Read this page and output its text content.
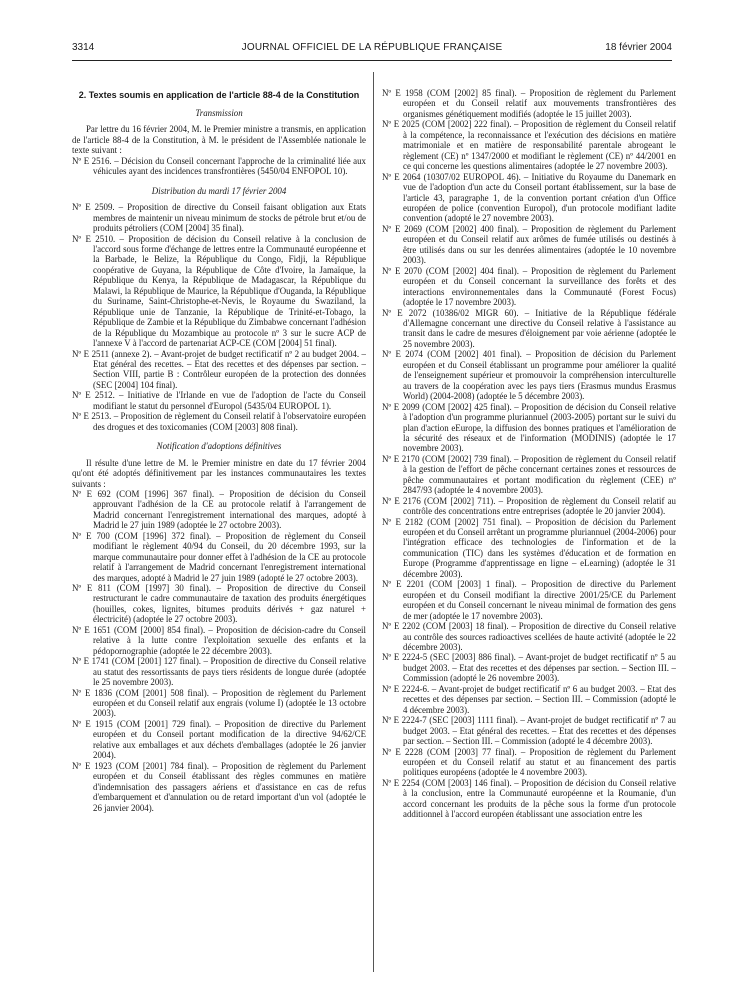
3314	JOURNAL OFFICIEL DE LA RÉPUBLIQUE FRANÇAISE	18 février 2004
2. Textes soumis en application de l'article 88-4 de la Constitution
Transmission

Par lettre du 16 février 2004, M. le Premier ministre a transmis, en application de l'article 88-4 de la Constitution, à M. le président de l'Assemblée nationale le texte suivant :

Nº E 2516. – Décision du Conseil concernant l'approche de la criminalité liée aux véhicules ayant des incidences transfrontières (5450/04 ENFOPOL 10).

Distribution du mardi 17 février 2004

Nº E 2509. – Proposition de directive du Conseil faisant obligation aux Etats membres de maintenir un niveau minimum de stocks de pétrole brut et/ou de produits pétroliers (COM [2004] 35 final).

Nº E 2510. – Proposition de décision du Conseil relative à la conclusion de l'accord sous forme d'échange de lettres entre la Communauté européenne et la Barbade, le Belize, la République du Congo, Fidji, la République coopérative de Guyana, la République de Côte d'Ivoire, la Jamaïque, la République du Kenya, la République de Madagascar, la République du Malawi, la République de Maurice, la République d'Ouganda, la République du Suriname, Saint-Christophe-et-Nevis, le Royaume du Swaziland, la République unie de Tanzanie, la République de Trinité-et-Tobago, la République de Zambie et la République du Zimbabwe concernant l'adhésion de la République du Mozambique au protocole nº 3 sur le sucre ACP de l'annexe V à l'accord de partenariat ACP-CE (COM [2004] 51 final).

Nº E 2511 (annexe 2). – Avant-projet de budget rectificatif nº 2 au budget 2004. – Etat général des recettes. – Etat des recettes et des dépenses par section. – Section VIII, partie B : Contrôleur européen de la protection des données (SEC [2004] 104 final).

Nº E 2512. – Initiative de l'Irlande en vue de l'adoption de l'acte du Conseil modifiant le statut du personnel d'Europol (5435/04 EUROPOL 1).

Nº E 2513. – Proposition de règlement du Conseil relatif à l'observatoire européen des drogues et des toxicomanies (COM [2003] 808 final).

Notification d'adoptions définitives

Il résulte d'une lettre de M. le Premier ministre en date du 17 février 2004 qu'ont été adoptés définitivement par les instances communautaires les textes suivants :

Nº E 692 (COM [1996] 367 final). – Proposition de décision du Conseil approuvant l'adhésion de la CE au protocole relatif à l'arrangement de Madrid concernant l'enregistrement international des marques, adopté à Madrid le 27 juin 1989 (adoptée le 27 octobre 2003).

Nº E 700 (COM [1996] 372 final). – Proposition de règlement du Conseil modifiant le règlement 40/94 du Conseil, du 20 décembre 1993, sur la marque communautaire pour donner effet à l'adhésion de la CE au protocole relatif à l'arrangement de Madrid concernant l'enregistrement international des marques, adopté à Madrid le 27 juin 1989 (adopté le 27 octobre 2003).

Nº E 811 (COM [1997] 30 final). – Proposition de directive du Conseil restructurant le cadre communautaire de taxation des produits énergétiques (houilles, cokes, lignites, bitumes produits dérivés + gaz naturel + électricité) (adoptée le 27 octobre 2003).

Nº E 1651 (COM [2000] 854 final). – Proposition de décision-cadre du Conseil relative à la lutte contre l'exploitation sexuelle des enfants et la pédopornographie (adoptée le 22 décembre 2003).

Nº E 1741 (COM [2001] 127 final). – Proposition de directive du Conseil relative au statut des ressortissants de pays tiers résidents de longue durée (adoptée le 25 novembre 2003).

Nº E 1836 (COM [2001] 508 final). – Proposition de règlement du Parlement européen et du Conseil relatif aux engrais (volume I) (adoptée le 13 octobre 2003).

Nº E 1915 (COM [2001] 729 final). – Proposition de directive du Parlement européen et du Conseil portant modification de la directive 94/62/CE relative aux emballages et aux déchets d'emballages (adoptée le 26 janvier 2004).

Nº E 1923 (COM [2001] 784 final). – Proposition de règlement du Parlement européen et du Conseil établissant des règles communes en matière d'indemnisation des passagers aériens et d'assistance en cas de refus d'embarquement et d'annulation ou de retard important d'un vol (adoptée le 26 janvier 2004).

Nº E 1958 (COM [2002] 85 final). – Proposition de règlement du Parlement européen et du Conseil relatif aux mouvements transfrontières des organismes génétiquement modifiés (adoptée le 15 juillet 2003).

Nº E 2025 (COM [2002] 222 final). – Proposition de règlement du Conseil relatif à la compétence, la reconnaissance et l'exécution des décisions en matière matrimoniale et en matière de responsabilité parentale abrogeant le règlement (CE) nº 1347/2000 et modifiant le règlement (CE) nº 44/2001 en ce qui concerne les questions alimentaires (adoptée le 27 novembre 2003).

Nº E 2064 (10307/02 EUROPOL 46). – Initiative du Royaume du Danemark en vue de l'adoption d'un acte du Conseil portant établissement, sur la base de l'article 43, paragraphe 1, de la convention portant création d'un Office européen de police (convention Europol), d'un protocole modifiant ladite convention (adopté le 27 novembre 2003).

Nº E 2069 (COM [2002] 400 final). – Proposition de règlement du Parlement européen et du Conseil relatif aux arômes de fumée utilisés ou destinés à être utilisés dans ou sur les denrées alimentaires (adoptée le 10 novembre 2003).

Nº E 2070 (COM [2002] 404 final). – Proposition de règlement du Parlement européen et du Conseil concernant la surveillance des forêts et des interactions environnementales dans la Communauté (Forest Focus) (adoptée le 17 novembre 2003).

Nº E 2072 (10386/02 MIGR 60). – Initiative de la République fédérale d'Allemagne concernant une directive du Conseil relative à l'assistance au transit dans le cadre de mesures d'éloignement par voie aérienne (adoptée le 25 novembre 2003).

Nº E 2074 (COM [2002] 401 final). – Proposition de décision du Parlement européen et du Conseil établissant un programme pour améliorer la qualité de l'enseignement supérieur et promouvoir la compréhension interculturelle au travers de la coopération avec les pays tiers (Erasmus mundus Erasmus World) (2004-2008) (adoptée le 5 décembre 2003).

Nº E 2099 (COM [2002] 425 final). – Proposition de décision du Conseil relative à l'adoption d'un programme pluriannuel (2003-2005) portant sur le suivi du plan d'action eEurope, la diffusion des bonnes pratiques et l'amélioration de la sécurité des réseaux et de l'information (MODINIS) (adoptée le 17 novembre 2003).

Nº E 2170 (COM [2002] 739 final). – Proposition de règlement du Conseil relatif à la gestion de l'effort de pêche concernant certaines zones et ressources de pêche communautaires et portant modification du règlement (CEE) nº 2847/93 (adoptée le 4 novembre 2003).

Nº E 2176 (COM [2002] 711). – Proposition de règlement du Conseil relatif au contrôle des concentrations entre entreprises (adoptée le 20 janvier 2004).

Nº E 2182 (COM [2002] 751 final). – Proposition de décision du Parlement européen et du Conseil arrêtant un programme pluriannuel (2004-2006) pour l'intégration efficace des technologies de l'information et de la communication (TIC) dans les systèmes d'éducation et de formation en Europe (Programme d'apprentissage en ligne – eLearning) (adoptée le 31 décembre 2003).

Nº E 2201 (COM [2003] 1 final). – Proposition de directive du Parlement européen et du Conseil modifiant la directive 2001/25/CE du Parlement européen et du Conseil concernant le niveau minimal de formation des gens de mer (adoptée le 17 novembre 2003).

Nº E 2202 (COM [2003] 18 final). – Proposition de directive du Conseil relative au contrôle des sources radioactives scellées de haute activité (adoptée le 22 décembre 2003).

Nº E 2224-5 (SEC [2003] 886 final). – Avant-projet de budget rectificatif nº 5 au budget 2003. – Etat des recettes et des dépenses par section. – Section III. – Commission (adopté le 26 novembre 2003).

Nº E 2224-6. – Avant-projet de budget rectificatif nº 6 au budget 2003. – Etat des recettes et des dépenses par section. – Section III. – Commission (adopté le 4 décembre 2003).

Nº E 2224-7 (SEC [2003] 1111 final). – Avant-projet de budget rectificatif nº 7 au budget 2003. – Etat général des recettes. – Etat des recettes et des dépenses par section. – Section III. – Commission (adopté le 4 décembre 2003).

Nº E 2228 (COM [2003] 77 final). – Proposition de règlement du Parlement européen et du Conseil relatif au statut et au financement des partis politiques européens (adoptée le 4 novembre 2003).

Nº E 2254 (COM [2003] 146 final). – Proposition de décision du Conseil relative à la conclusion, entre la Communauté européenne et la Roumanie, d'un accord concernant les produits de la pêche sous la forme d'un protocole additionnel à l'accord européen établissant une association entre les
